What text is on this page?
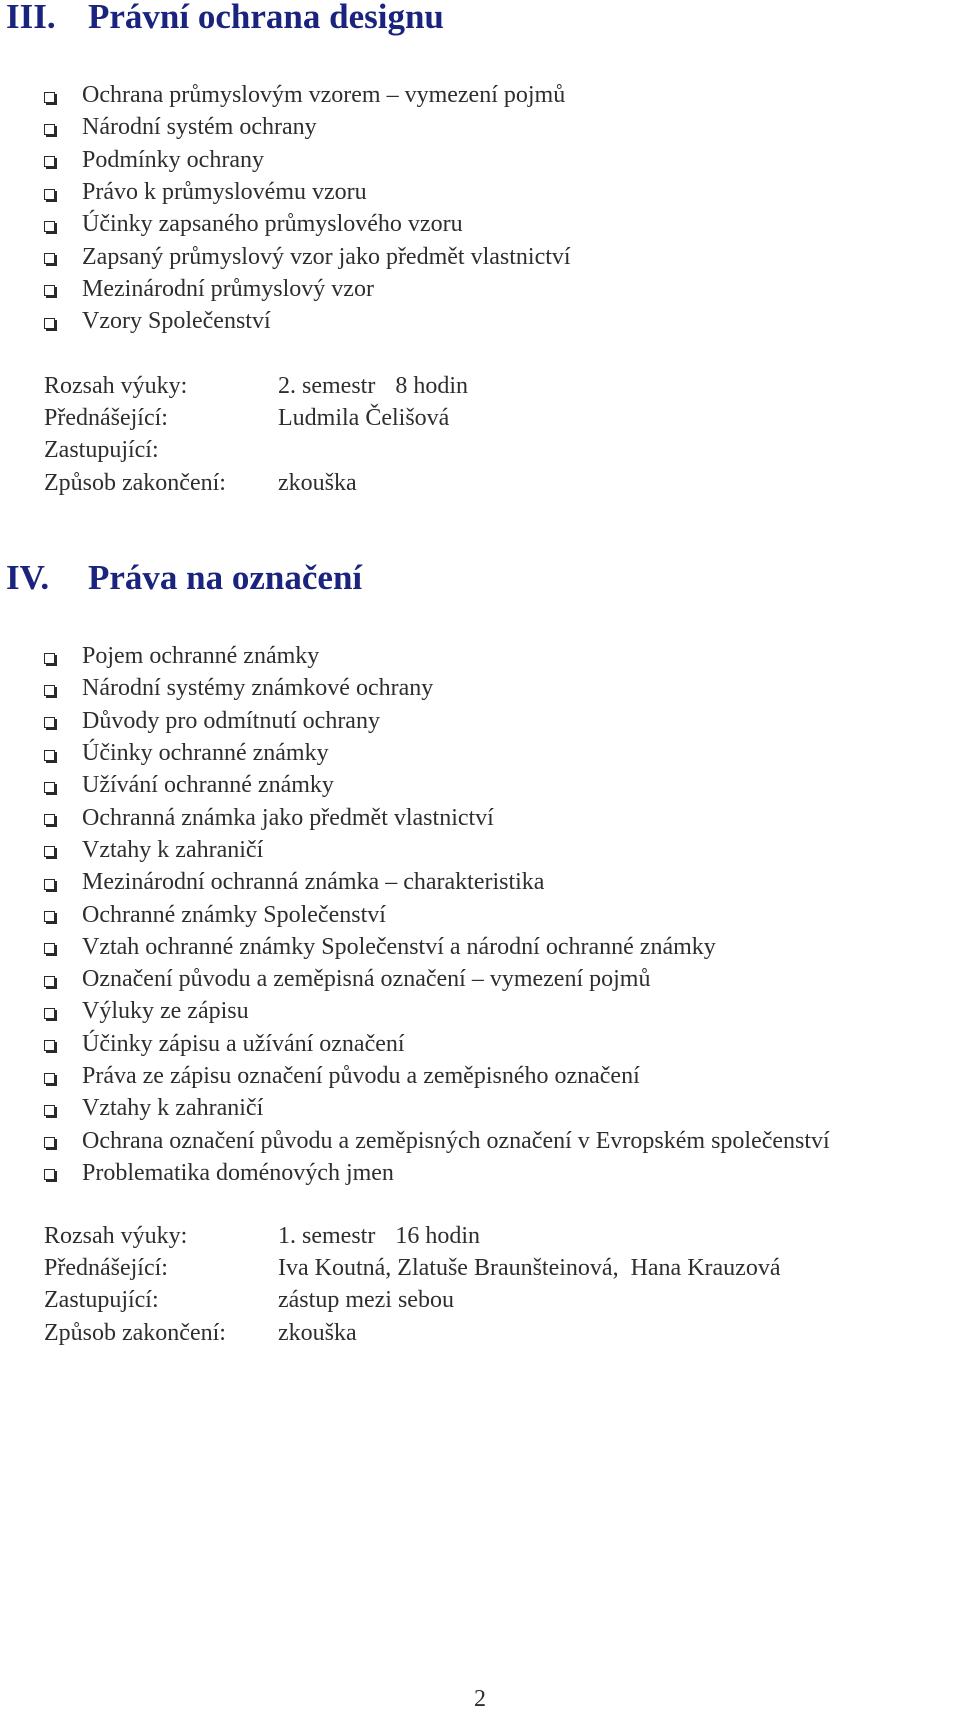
III. Právní ochrana designu
Ochrana průmyslovým vzorem – vymezení pojmů
Národní systém ochrany
Podmínky ochrany
Právo k průmyslovému vzoru
Účinky zapsaného průmyslového vzoru
Zapsaný průmyslový vzor jako předmět vlastnictví
Mezinárodní průmyslový vzor
Vzory Společenství
Rozsah výuky:	2. semestr 8 hodin
Přednášející:	Ludmila Čelišová
Zastupující:
Způsob zakončení:	zkouška
IV. Práva na označení
Pojem ochranné známky
Národní systémy známkové ochrany
Důvody pro odmítnutí ochrany
Účinky ochranné známky
Užívání ochranné známky
Ochranná známka jako předmět vlastnictví
Vztahy k zahraničí
Mezinárodní ochranná známka – charakteristika
Ochranné známky Společenství
Vztah ochranné známky Společenství a národní ochranné známky
Označení původu a zeměpisná označení – vymezení pojmů
Výluky ze zápisu
Účinky zápisu a užívání označení
Práva ze zápisu označení původu a zeměpisného označení
Vztahy k zahraničí
Ochrana označení původu a zeměpisných označení v Evropském společenství
Problematika doménových jmen
Rozsah výuky:	1. semestr 16 hodin
Přednášející:	Iva Koutná, Zlatuše Braunšteinová,  Hana Krauzová
Zastupující:	zástup mezi sebou
Způsob zakončení:	zkouška
2
